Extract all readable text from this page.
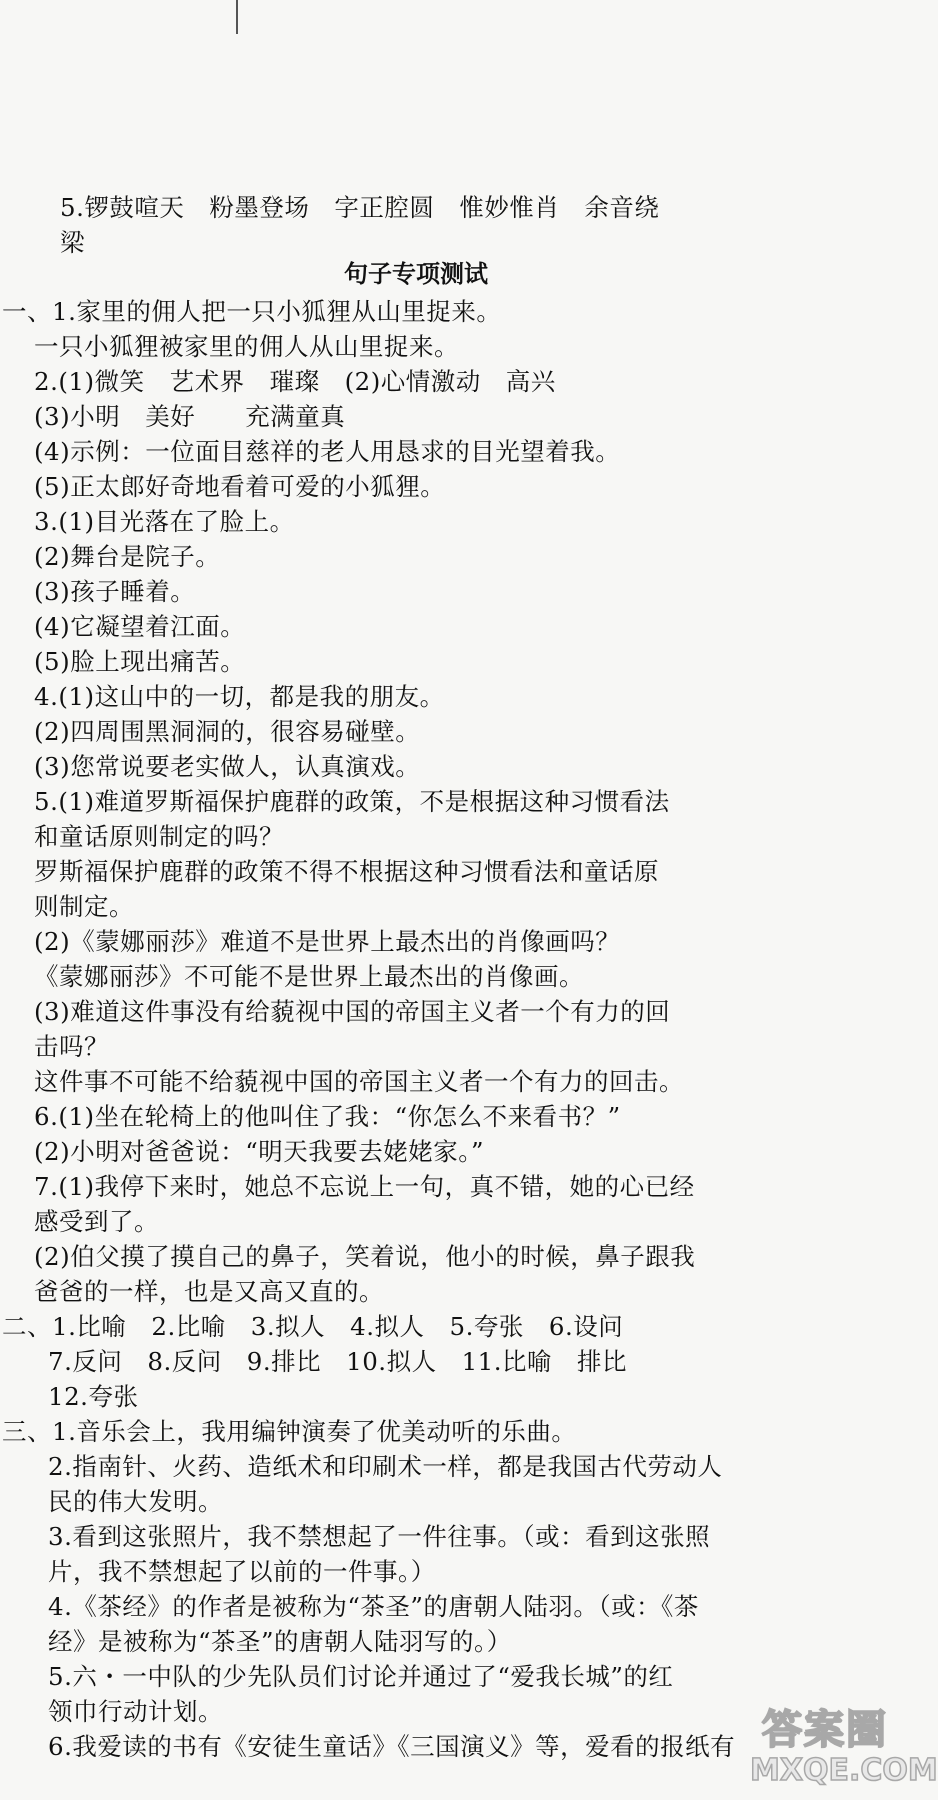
5.锣鼓喧天　粉墨登场　字正腔圆　惟妙惟肖　余音绕
梁
句子专项测试
一、1.家里的佣人把一只小狐狸从山里捉来。
一只小狐狸被家里的佣人从山里捉来。
2.(1)微笑　艺术界　璀璨　(2)心情激动　高兴
(3)小明　美好　　充满童真
(4)示例：一位面目慈祥的老人用恳求的目光望着我。
(5)正太郎好奇地看着可爱的小狐狸。
3.(1)目光落在了脸上。
(2)舞台是院子。
(3)孩子睡着。
(4)它凝望着江面。
(5)脸上现出痛苦。
4.(1)这山中的一切，都是我的朋友。
(2)四周围黑洞洞的，很容易碰壁。
(3)您常说要老实做人，认真演戏。
5.(1)难道罗斯福保护鹿群的政策，不是根据这种习惯看法
和童话原则制定的吗？
罗斯福保护鹿群的政策不得不根据这种习惯看法和童话原
则制定。
(2)《蒙娜丽莎》难道不是世界上最杰出的肖像画吗？
《蒙娜丽莎》不可能不是世界上最杰出的肖像画。
(3)难道这件事没有给藐视中国的帝国主义者一个有力的回
击吗？
这件事不可能不给藐视中国的帝国主义者一个有力的回击。
6.(1)坐在轮椅上的他叫住了我：“你怎么不来看书？”
(2)小明对爸爸说：“明天我要去姥姥家。”
7.(1)我停下来时，她总不忘说上一句，真不错，她的心已经
感受到了。
(2)伯父摸了摸自己的鼻子，笑着说，他小的时候，鼻子跟我
爸爸的一样，也是又高又直的。
二、1.比喻　2.比喻　3.拟人　4.拟人　5.夸张　6.设问
7.反问　8.反问　9.排比　10.拟人　11.比喻　排比
12.夸张
三、1.音乐会上，我用编钟演奏了优美动听的乐曲。
2.指南针、火药、造纸术和印刷术一样，都是我国古代劳动人
民的伟大发明。
3.看到这张照片，我不禁想起了一件往事。（或：看到这张照
片，我不禁想起了以前的一件事。）
4.《茶经》的作者是被称为“茶圣”的唐朝人陆羽。（或：《茶
经》是被称为“茶圣”的唐朝人陆羽写的。）
5.六・一中队的少先队员们讨论并通过了“爱我长城”的红
领巾行动计划。
6.我爱读的书有《安徒生童话》《三国演义》等，爱看的报纸有 答案圈
MXQE.COM
